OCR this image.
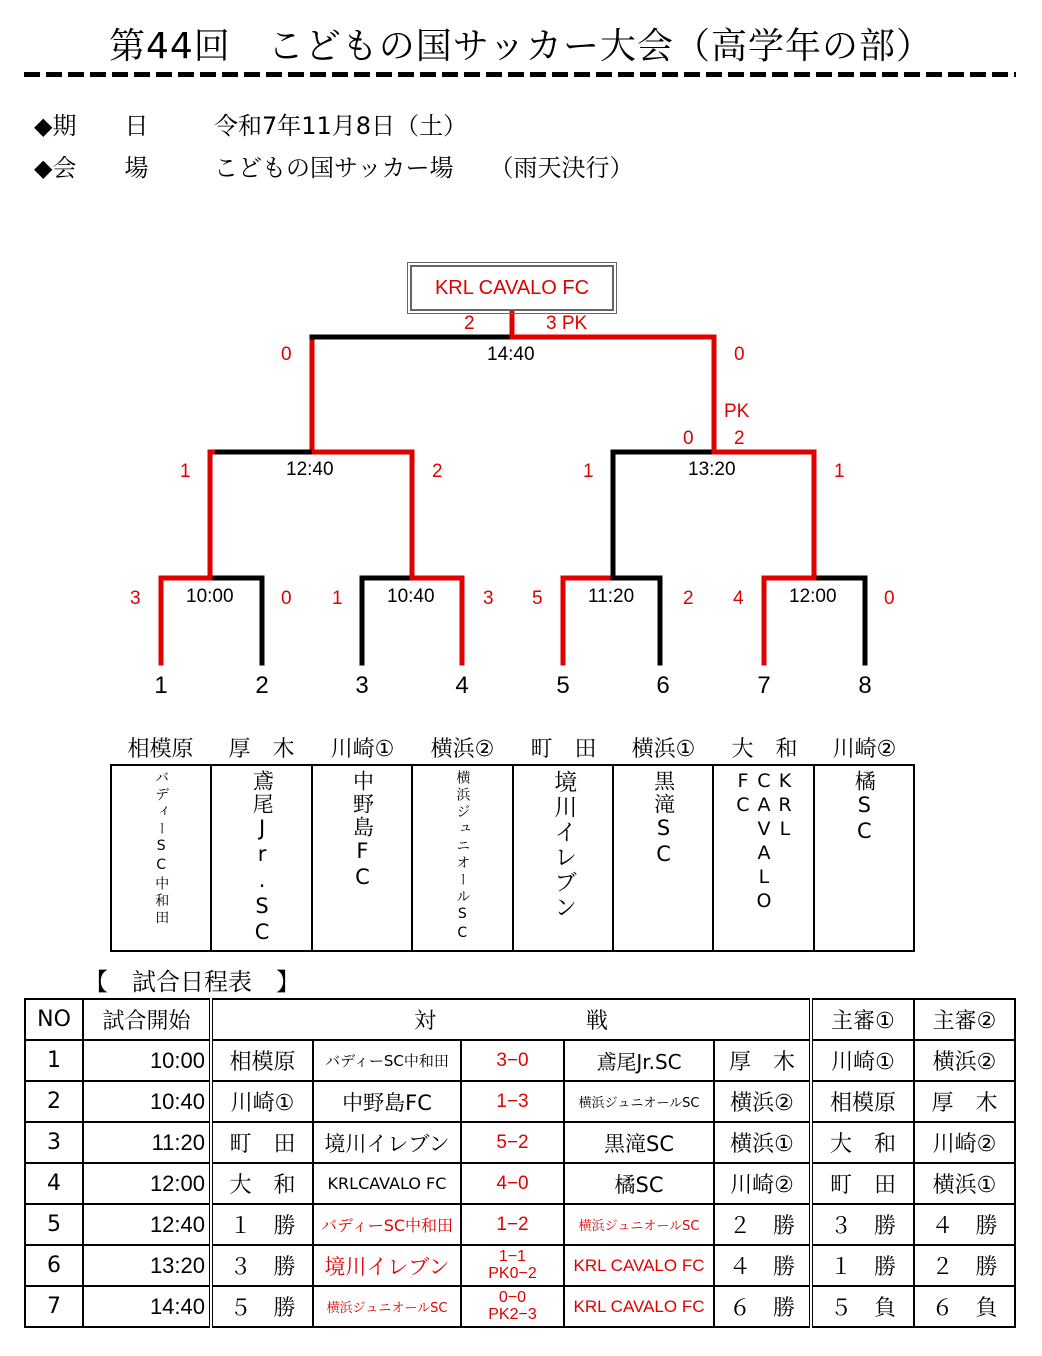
第44回　こどもの国サッカー大会（高学年の部）
◆期　　日	令和7年11月8日（土）
◆会　　場	こどもの国サッカー場　　（雨天決行）
KRL CAVALO FC
2	3 PK
14:40
0	0
PK
0 2
12:40
1	2	13:20
1	1
10:00
3	0	10:40
1	3	11:20
5	2	12:00
4	0
1	2	3	4	5	6	7	8
相模原	厚　木	川崎①	横浜②	町　田	横浜①	大　和	川崎②
バディーSC中和田	鳶尾Jr.SC	中野島FC	横浜ジュニオールSC	境川イレブン	黒滝SC	FC CAVALO KRL	橘SC
【　試合日程表　】
NO	試合開始	対 戦					主審①	主審②
1	10:00	相模原	バディーSC中和田	3−0	鳶尾Jr.SC	厚　木	川崎①	横浜②
2	10:40	川崎①	中野島FC	1−3	横浜ジュニオールSC	横浜②	相模原	厚　木
3	11:20	町　田	境川イレブン	5−2	黒滝SC	横浜①	大　和	川崎②
4	12:00	大　和	KRLCAVALO FC	4−0	橘SC	川崎②	町　田	横浜①
5	12:40	１　勝	バディーSC中和田	1−2	横浜ジュニオールSC	２　勝	３　勝	４　勝
6	13:20	３　勝	境川イレブン	1−1
PK0−2	KRL CAVALO FC	４　勝	１　勝	２　勝
7	14:40	５　勝	横浜ジュニオールSC	0−0
PK2−3	KRL CAVALO FC	６　勝	５　負	６　負
